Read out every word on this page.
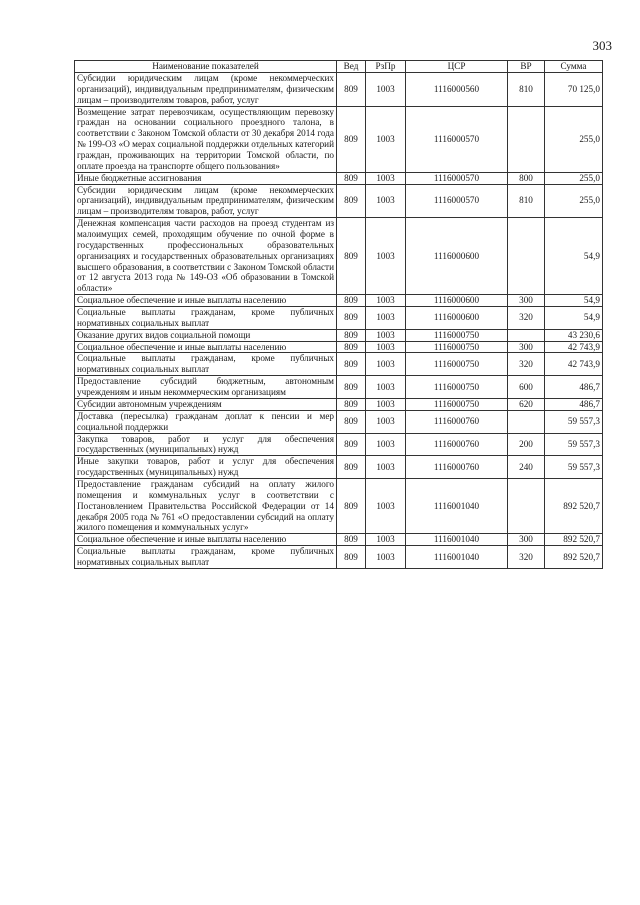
303
Наименование показателей	Вед	РзПр	ЦСР	ВР	Сумма
Субсидии юридическим лицам (кроме некоммерческих организаций), индивидуальным предпринимателям, физическим лицам – производителям товаров, работ, услуг	809	1003	1116000560	810	70 125,0
Возмещение затрат перевозчикам, осуществляющим перевозку граждан на основании социального проездного талона, в соответствии с Законом Томской области от 30 декабря 2014 года № 199-ОЗ «О мерах социальной поддержки отдельных категорий граждан, проживающих на территории Томской области, по оплате проезда на транспорте общего пользования»	809	1003	1116000570		255,0
Иные бюджетные ассигнования	809	1003	1116000570	800	255,0
Субсидии юридическим лицам (кроме некоммерческих организаций), индивидуальным предпринимателям, физическим лицам – производителям товаров, работ, услуг	809	1003	1116000570	810	255,0
Денежная компенсация части расходов на проезд студентам из малоимущих семей, проходящим обучение по очной форме в государственных профессиональных образовательных организациях и государственных образовательных организациях высшего образования, в соответствии с Законом Томской области от 12 августа 2013 года № 149-ОЗ «Об образовании в Томской области»	809	1003	1116000600		54,9
Социальное обеспечение и иные выплаты населению	809	1003	1116000600	300	54,9
Социальные выплаты гражданам, кроме публичных нормативных социальных выплат	809	1003	1116000600	320	54,9
Оказание других видов социальной помощи	809	1003	1116000750		43 230,6
Социальное обеспечение и иные выплаты населению	809	1003	1116000750	300	42 743,9
Социальные выплаты гражданам, кроме публичных нормативных социальных выплат	809	1003	1116000750	320	42 743,9
Предоставление субсидий бюджетным, автономным учреждениям и иным некоммерческим организациям	809	1003	1116000750	600	486,7
Субсидии автономным учреждениям	809	1003	1116000750	620	486,7
Доставка (пересылка) гражданам доплат к пенсии и мер социальной поддержки	809	1003	1116000760		59 557,3
Закупка товаров, работ и услуг для обеспечения государственных (муниципальных) нужд	809	1003	1116000760	200	59 557,3
Иные закупки товаров, работ и услуг для обеспечения государственных (муниципальных) нужд	809	1003	1116000760	240	59 557,3
Предоставление гражданам субсидий на оплату жилого помещения и коммунальных услуг в соответствии с Постановлением Правительства Российской Федерации от 14 декабря 2005 года № 761 «О предоставлении субсидий на оплату жилого помещения и коммунальных услуг»	809	1003	1116001040		892 520,7
Социальное обеспечение и иные выплаты населению	809	1003	1116001040	300	892 520,7
Социальные выплаты гражданам, кроме публичных нормативных социальных выплат	809	1003	1116001040	320	892 520,7
